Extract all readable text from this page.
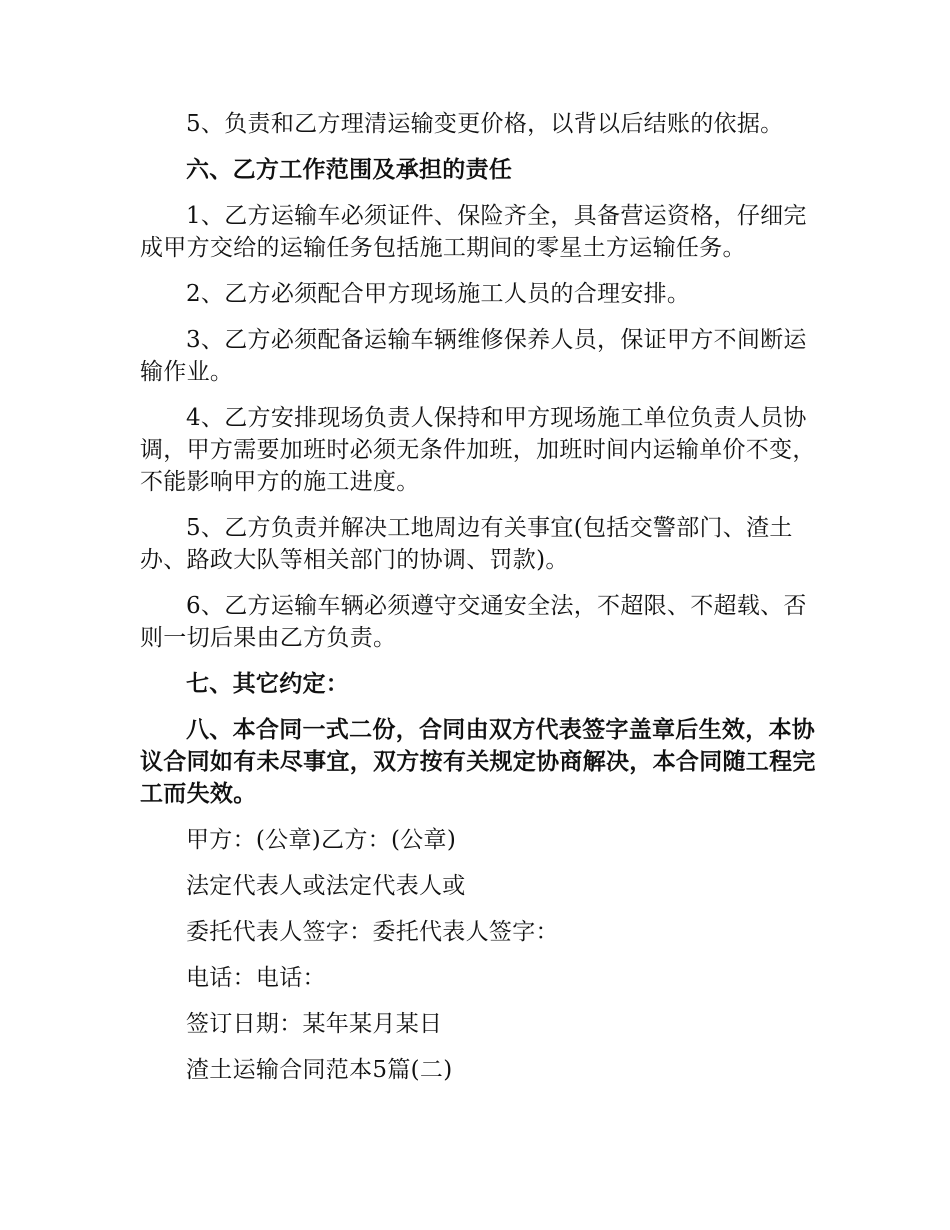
5、负责和乙方理清运输变更价格，以背以后结账的依据。

六、乙方工作范围及承担的责任

1、乙方运输车必须证件、保险齐全，具备营运资格，仔细完成甲方交给的运输任务包括施工期间的零星土方运输任务。

2、乙方必须配合甲方现场施工人员的合理安排。

3、乙方必须配备运输车辆维修保养人员，保证甲方不间断运输作业。

4、乙方安排现场负责人保持和甲方现场施工单位负责人员协调，甲方需要加班时必须无条件加班，加班时间内运输单价不变，不能影响甲方的施工进度。

5、乙方负责并解决工地周边有关事宜(包括交警部门、渣土办、路政大队等相关部门的协调、罚款)。

6、乙方运输车辆必须遵守交通安全法，不超限、不超载、否则一切后果由乙方负责。

七、其它约定：

八、本合同一式二份，合同由双方代表签字盖章后生效，本协议合同如有未尽事宜，双方按有关规定协商解决，本合同随工程完工而失效。

甲方：(公章)乙方：(公章)

法定代表人或法定代表人或

委托代表人签字：委托代表人签字：

电话：电话：

签订日期：某年某月某日

渣土运输合同范本5篇(二)
